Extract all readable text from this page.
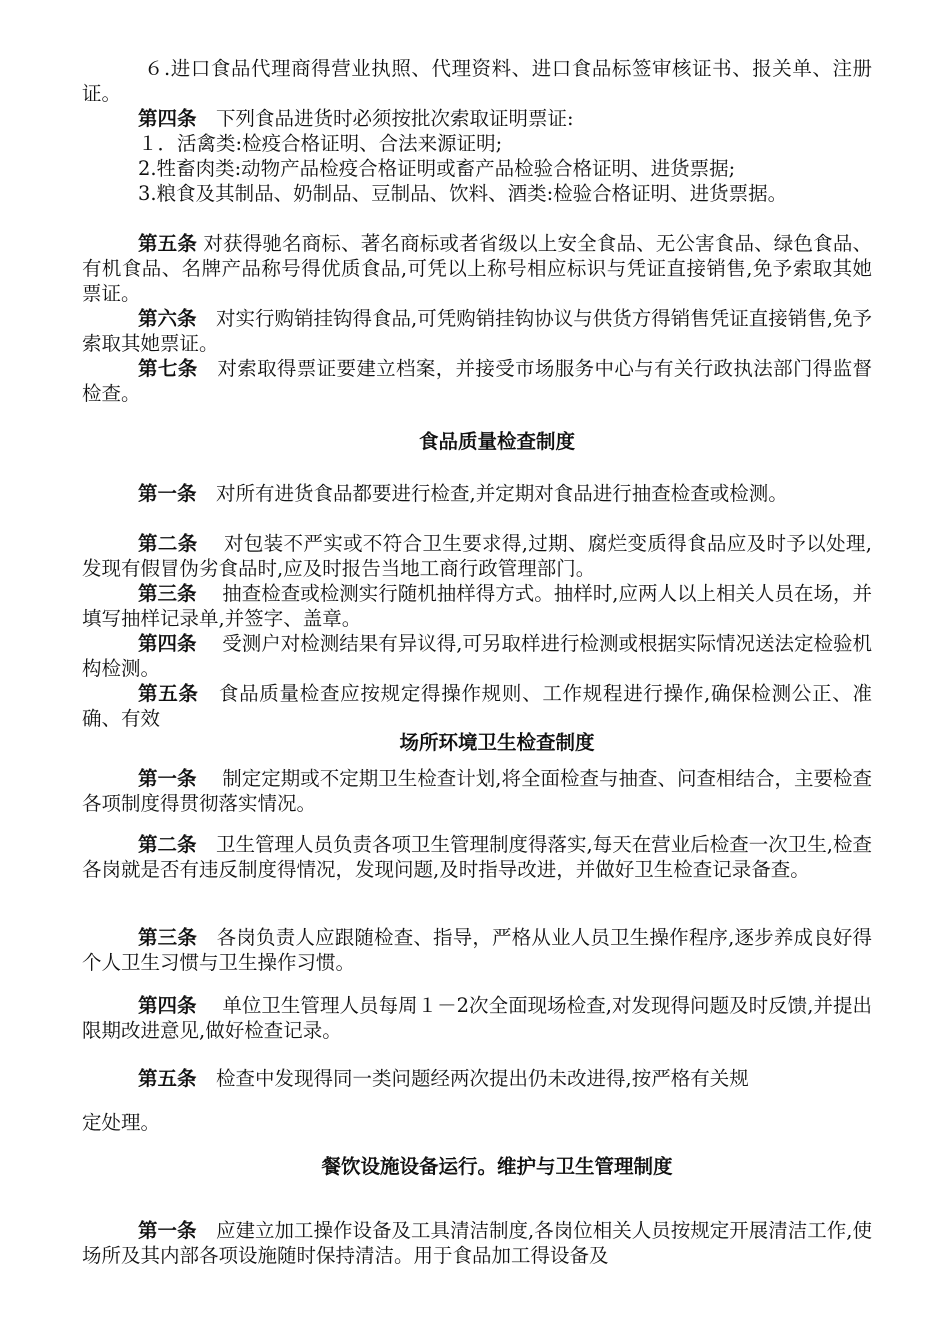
６.进口食品代理商得营业执照、代理资料、进口食品标签审核证书、报关单、注册证。

第四条　下列食品进货时必须按批次索取证明票证:

１．活禽类:检疫合格证明、合法来源证明;

2.牲畜肉类:动物产品检疫合格证明或畜产品检验合格证明、进货票据;

3.粮食及其制品、奶制品、豆制品、饮料、酒类:检验合格证明、进货票据。

第五条 对获得驰名商标、著名商标或者省级以上安全食品、无公害食品、绿色食品、有机食品、名牌产品称号得优质食品,可凭以上称号相应标识与凭证直接销售,免予索取其她票证。

第六条　对实行购销挂钩得食品,可凭购销挂钩协议与供货方得销售凭证直接销售,免予索取其她票证。

第七条　对索取得票证要建立档案，并接受市场服务中心与有关行政执法部门得监督检查。

食品质量检查制度

第一条　对所有进货食品都要进行检查,并定期对食品进行抽查检查或检测。

第二条　 对包装不严实或不符合卫生要求得,过期、腐烂变质得食品应及时予以处理,发现有假冒伪劣食品时,应及时报告当地工商行政管理部门。

第三条　 抽查检查或检测实行随机抽样得方式。抽样时,应两人以上相关人员在场，并填写抽样记录单,并签字、盖章。

第四条　 受测户对检测结果有异议得,可另取样进行检测或根据实际情况送法定检验机构检测。

第五条　食品质量检查应按规定得操作规则、工作规程进行操作,确保检测公正、准确、有效

场所环境卫生检查制度

第一条　 制定定期或不定期卫生检查计划,将全面检查与抽查、问查相结合，主要检查各项制度得贯彻落实情况。

第二条　卫生管理人员负责各项卫生管理制度得落实,每天在营业后检查一次卫生,检查各岗就是否有违反制度得情况，发现问题,及时指导改进，并做好卫生检查记录备查。

第三条　各岗负责人应跟随检查、指导，严格从业人员卫生操作程序,逐步养成良好得个人卫生习惯与卫生操作习惯。

第四条　 单位卫生管理人员每周１－2次全面现场检查,对发现得问题及时反馈,并提出限期改进意见,做好检查记录。

第五条　检查中发现得同一类问题经两次提出仍未改进得,按严格有关规

定处理。

餐饮设施设备运行。维护与卫生管理制度

第一条　应建立加工操作设备及工具清洁制度,各岗位相关人员按规定开展清洁工作,使场所及其内部各项设施随时保持清洁。用于食品加工得设备及
